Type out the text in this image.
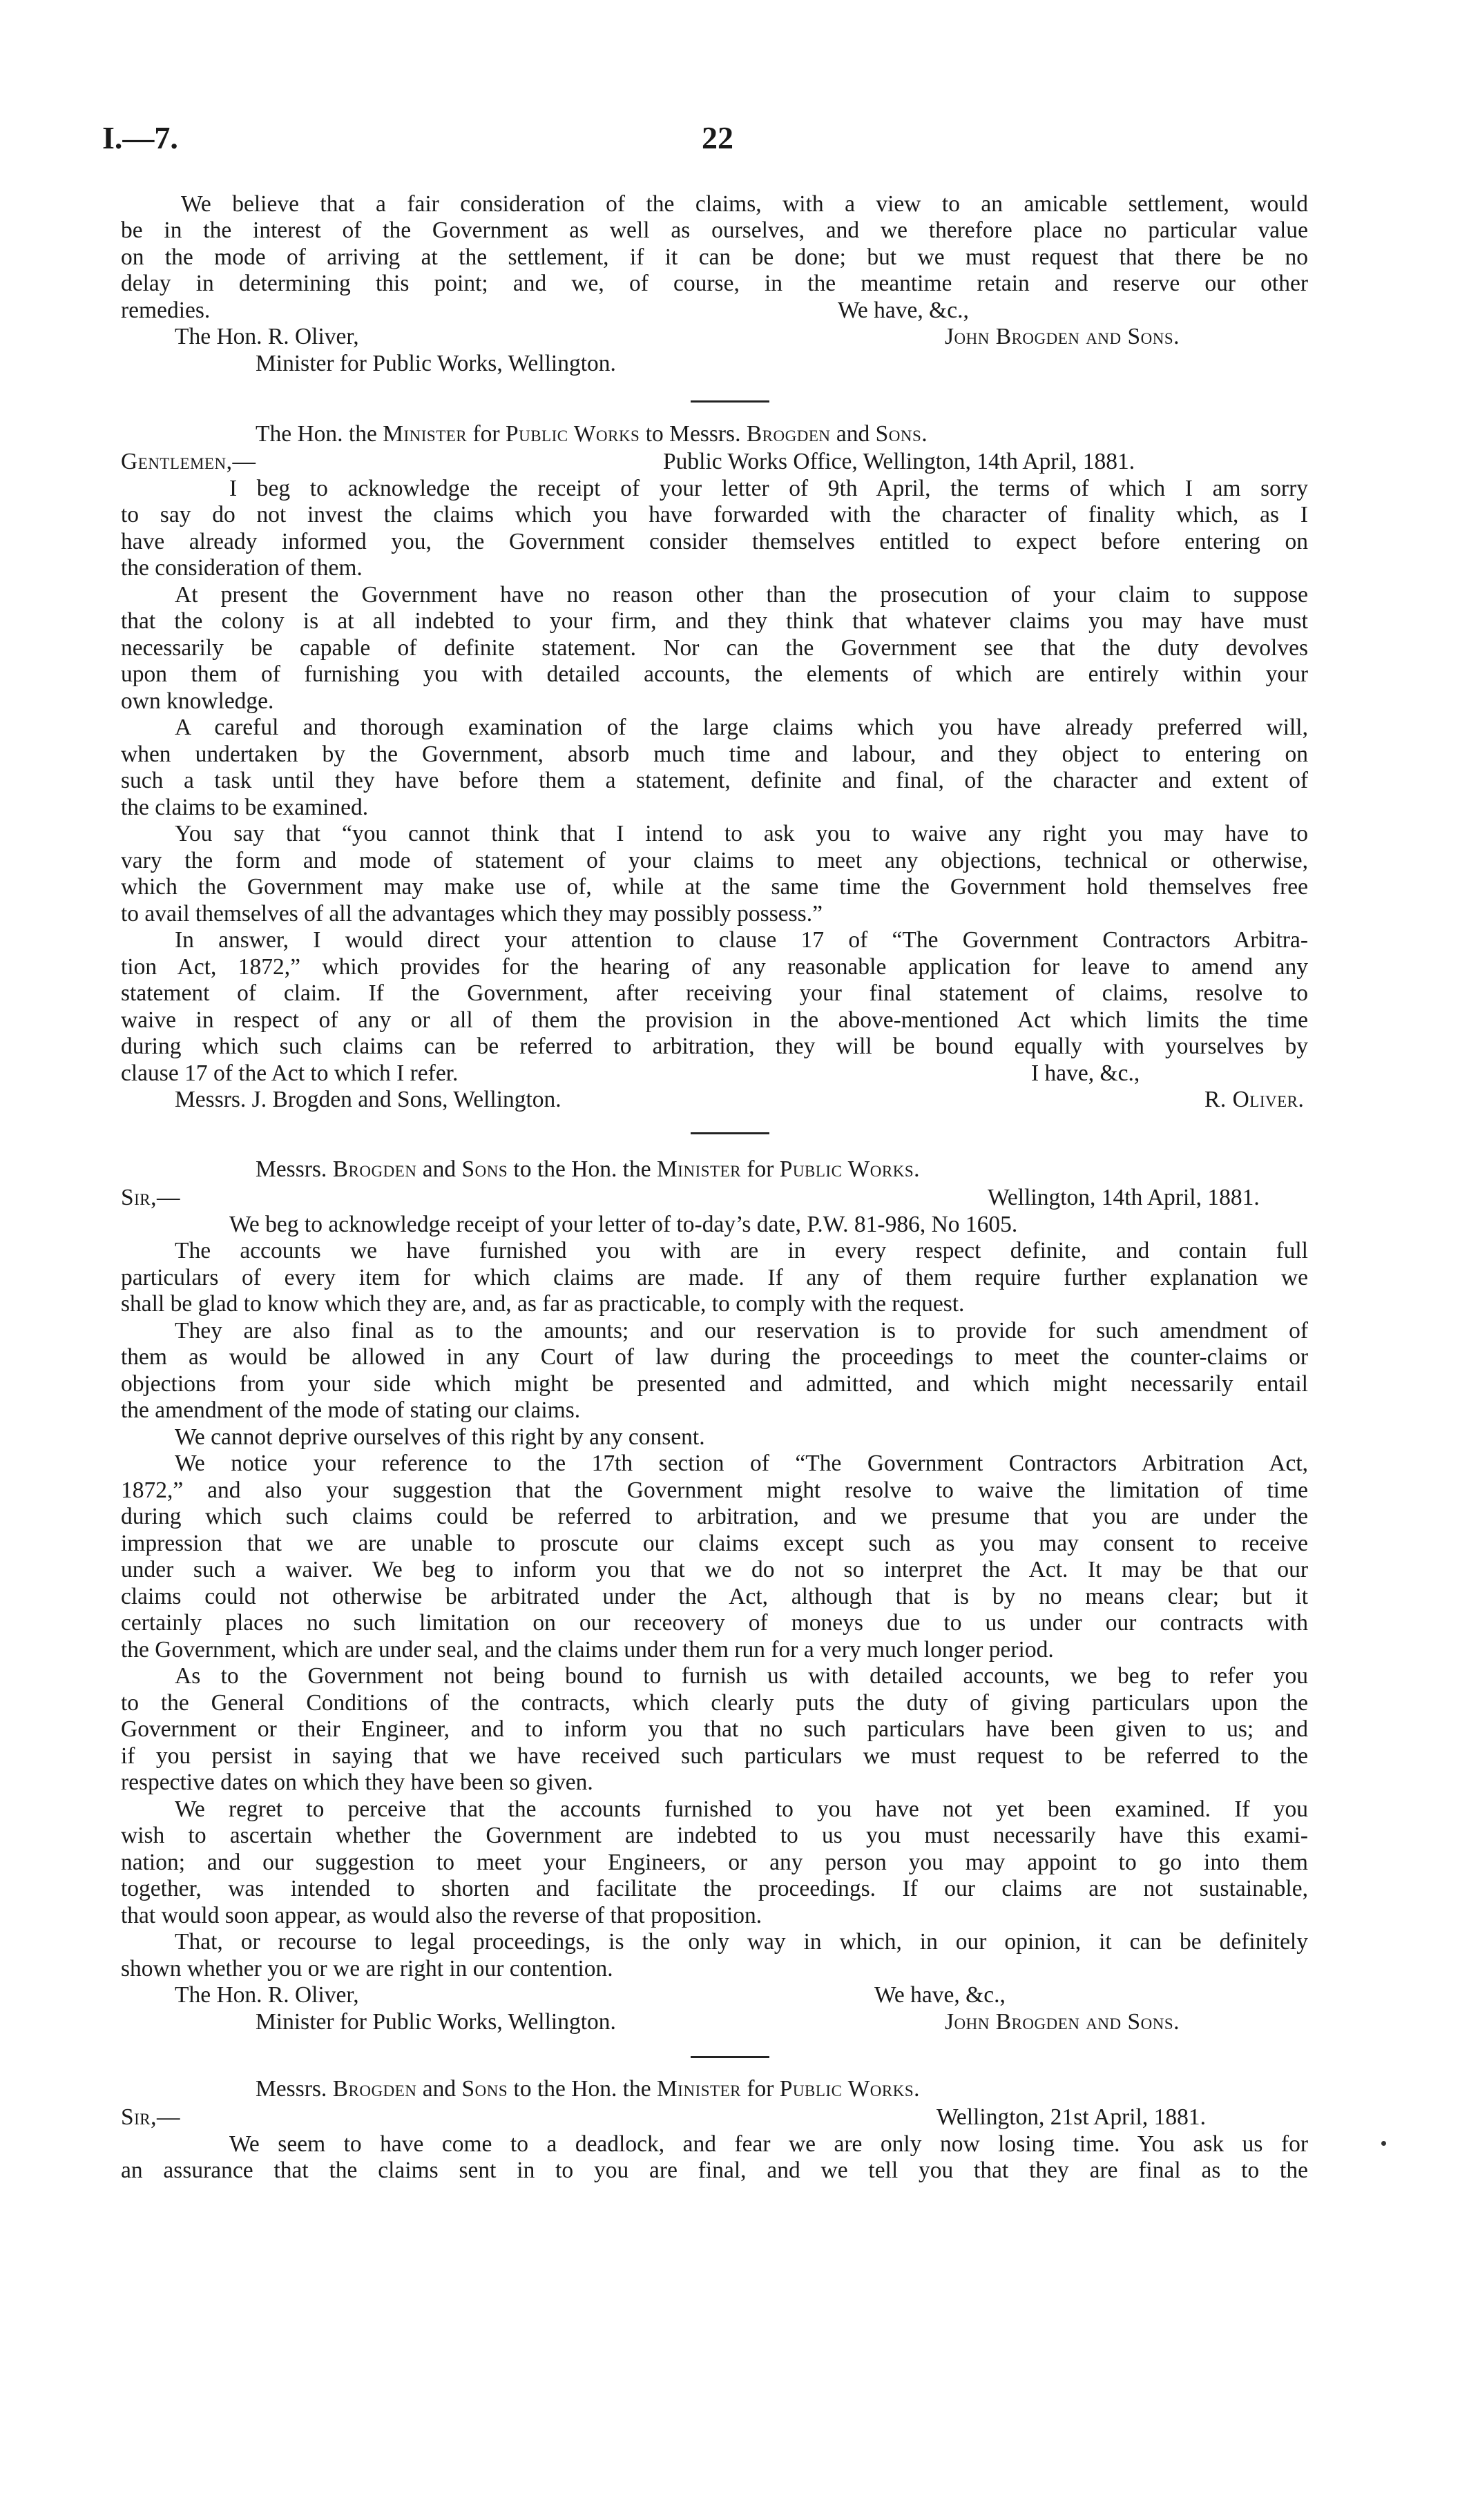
I.—7.	22
We believe that a fair consideration of the claims, with a view to an amicable settlement, would
be in the interest of the Government as well as ourselves, and we therefore place no particular value
on the mode of arriving at the settlement, if it can be done; but we must request that there be no
delay in determining this point; and we, of course, in the meantime retain and reserve our other
remedies.	We have, &c.,
The Hon. R. Oliver,	John Brogden and Sons.
Minister for Public Works, Wellington.
The Hon. the Minister for Public Works to Messrs. Brogden and Sons.
Gentlemen,—	Public Works Office, Wellington, 14th April, 1881.
I beg to acknowledge the receipt of your letter of 9th April, the terms of which I am sorry
to say do not invest the claims which you have forwarded with the character of finality which, as I
have already informed you, the Government consider themselves entitled to expect before entering on
the consideration of them.
At present the Government have no reason other than the prosecution of your claim to suppose
that the colony is at all indebted to your firm, and they think that whatever claims you may have must
necessarily be capable of definite statement. Nor can the Government see that the duty devolves
upon them of furnishing you with detailed accounts, the elements of which are entirely within your
own knowledge.
A careful and thorough examination of the large claims which you have already preferred will,
when undertaken by the Government, absorb much time and labour, and they object to entering on
such a task until they have before them a statement, definite and final, of the character and extent of
the claims to be examined.
You say that “you cannot think that I intend to ask you to waive any right you may have to
vary the form and mode of statement of your claims to meet any objections, technical or otherwise,
which the Government may make use of, while at the same time the Government hold themselves free
to avail themselves of all the advantages which they may possibly possess.”
In answer, I would direct your attention to clause 17 of “The Government Contractors Arbitra-
tion Act, 1872,” which provides for the hearing of any reasonable application for leave to amend any
statement of claim. If the Government, after receiving your final statement of claims, resolve to
waive in respect of any or all of them the provision in the above-mentioned Act which limits the time
during which such claims can be referred to arbitration, they will be bound equally with yourselves by
clause 17 of the Act to which I refer.	I have, &c.,
Messrs. J. Brogden and Sons, Wellington.	R. Oliver.
Messrs. Brogden and Sons to the Hon. the Minister for Public Works.
Sir,—	Wellington, 14th April, 1881.
We beg to acknowledge receipt of your letter of to-day’s date, P.W. 81-986, No 1605.
The accounts we have furnished you with are in every respect definite, and contain full
particulars of every item for which claims are made. If any of them require further explanation we
shall be glad to know which they are, and, as far as practicable, to comply with the request.
They are also final as to the amounts; and our reservation is to provide for such amendment of
them as would be allowed in any Court of law during the proceedings to meet the counter-claims or
objections from your side which might be presented and admitted, and which might necessarily entail
the amendment of the mode of stating our claims.
We cannot deprive ourselves of this right by any consent.
We notice your reference to the 17th section of “The Government Contractors Arbitration Act,
1872,” and also your suggestion that the Government might resolve to waive the limitation of time
during which such claims could be referred to arbitration, and we presume that you are under the
impression that we are unable to proscute our claims except such as you may consent to receive
under such a waiver. We beg to inform you that we do not so interpret the Act. It may be that our
claims could not otherwise be arbitrated under the Act, although that is by no means clear; but it
certainly places no such limitation on our receovery of moneys due to us under our contracts with
the Government, which are under seal, and the claims under them run for a very much longer period.
As to the Government not being bound to furnish us with detailed accounts, we beg to refer you
to the General Conditions of the contracts, which clearly puts the duty of giving particulars upon the
Government or their Engineer, and to inform you that no such particulars have been given to us; and
if you persist in saying that we have received such particulars we must request to be referred to the
respective dates on which they have been so given.
We regret to perceive that the accounts furnished to you have not yet been examined. If you
wish to ascertain whether the Government are indebted to us you must necessarily have this exami-
nation; and our suggestion to meet your Engineers, or any person you may appoint to go into them
together, was intended to shorten and facilitate the proceedings. If our claims are not sustainable,
that would soon appear, as would also the reverse of that proposition.
That, or recourse to legal proceedings, is the only way in which, in our opinion, it can be definitely
shown whether you or we are right in our contention.
The Hon. R. Oliver,	We have, &c.,
Minister for Public Works, Wellington.	John Brogden and Sons.
Messrs. Brogden and Sons to the Hon. the Minister for Public Works.
Sir,—	Wellington, 21st April, 1881.
We seem to have come to a deadlock, and fear we are only now losing time. You ask us for
an assurance that the claims sent in to you are final, and we tell you that they are final as to the
